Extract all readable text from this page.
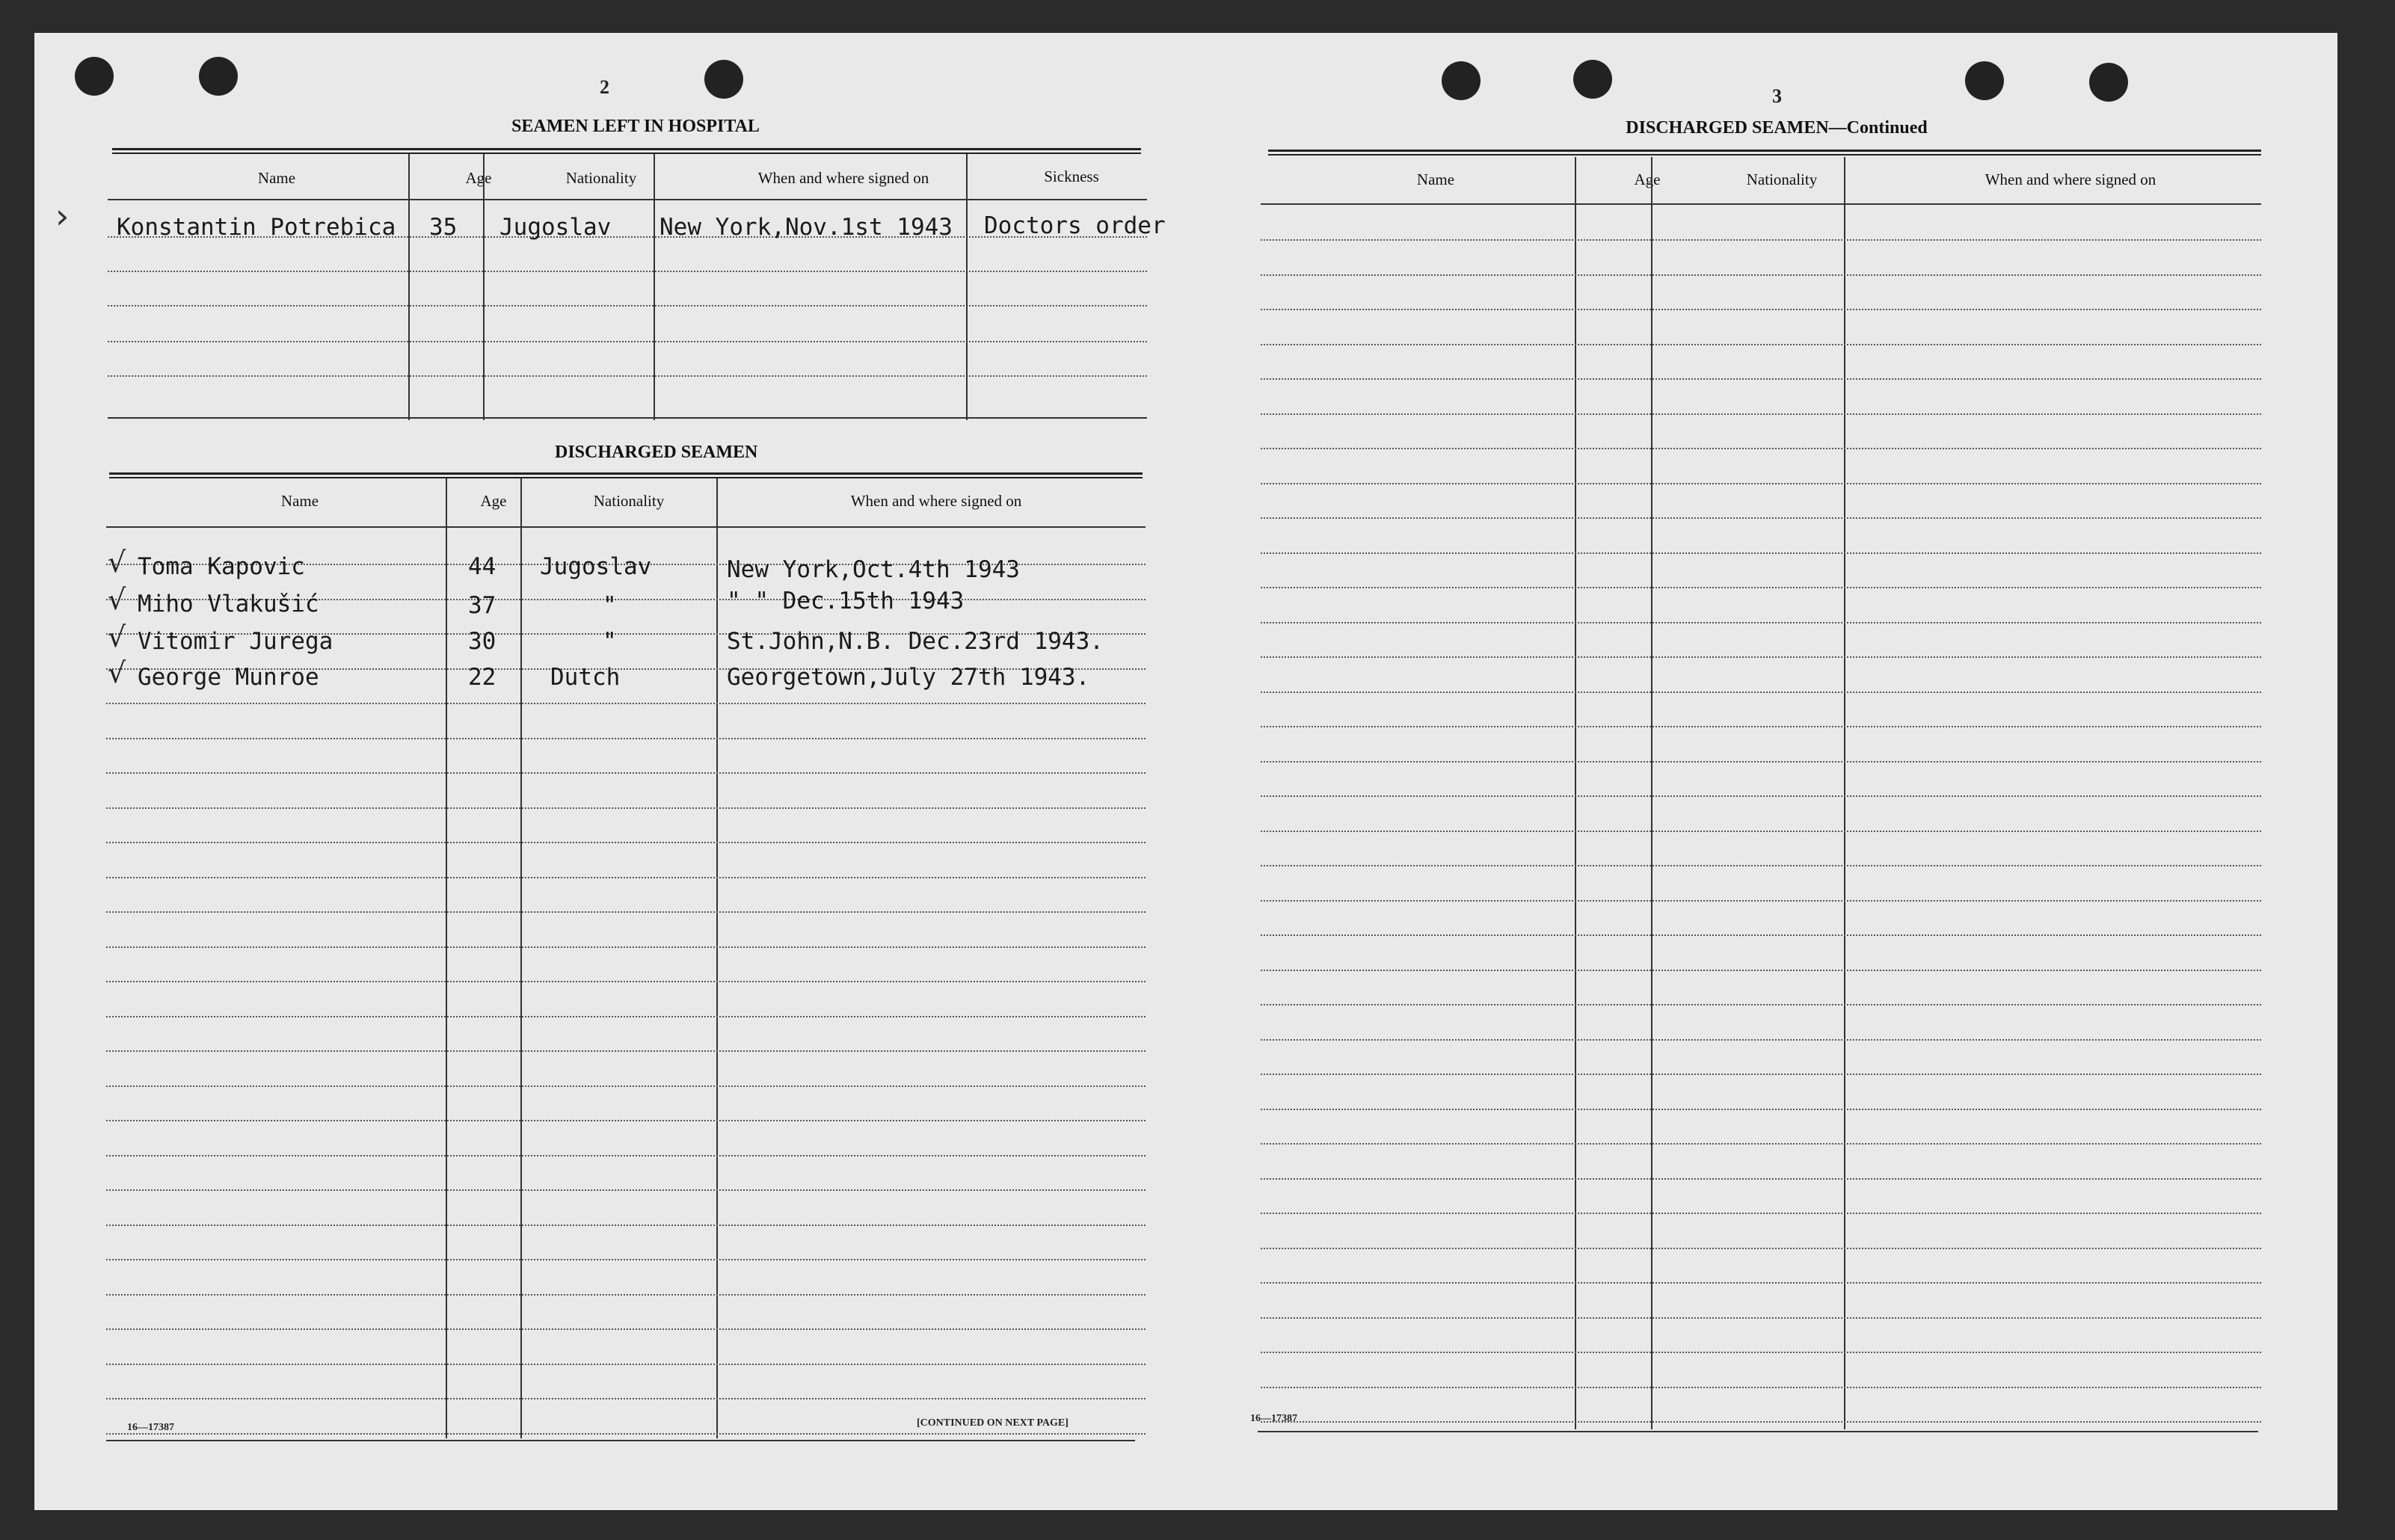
2
SEAMEN LEFT IN HOSPITAL
Name	Age	Nationality	When and where signed on	Sickness
› Konstantin Potrebica 35 Jugoslav New York,Nov.1st 1943 Doctors order
DISCHARGED SEAMEN
Name	Age	Nationality	When and where signed on
√ Toma Kapovic	44 Jugoslav	New York,Oct.4th 1943
√ Miho Vlakušić	37	"	" " Dec.15th 1943
√ Vitomir Jurega	30	"	St.John,N.B. Dec.23rd 1943.
√ George Munroe	22 Dutch	Georgetown,July 27th 1943.
16—17387	[CONTINUED ON NEXT PAGE]
3
DISCHARGED SEAMEN—Continued
Name	Age	Nationality	When and where signed on
16—17387
